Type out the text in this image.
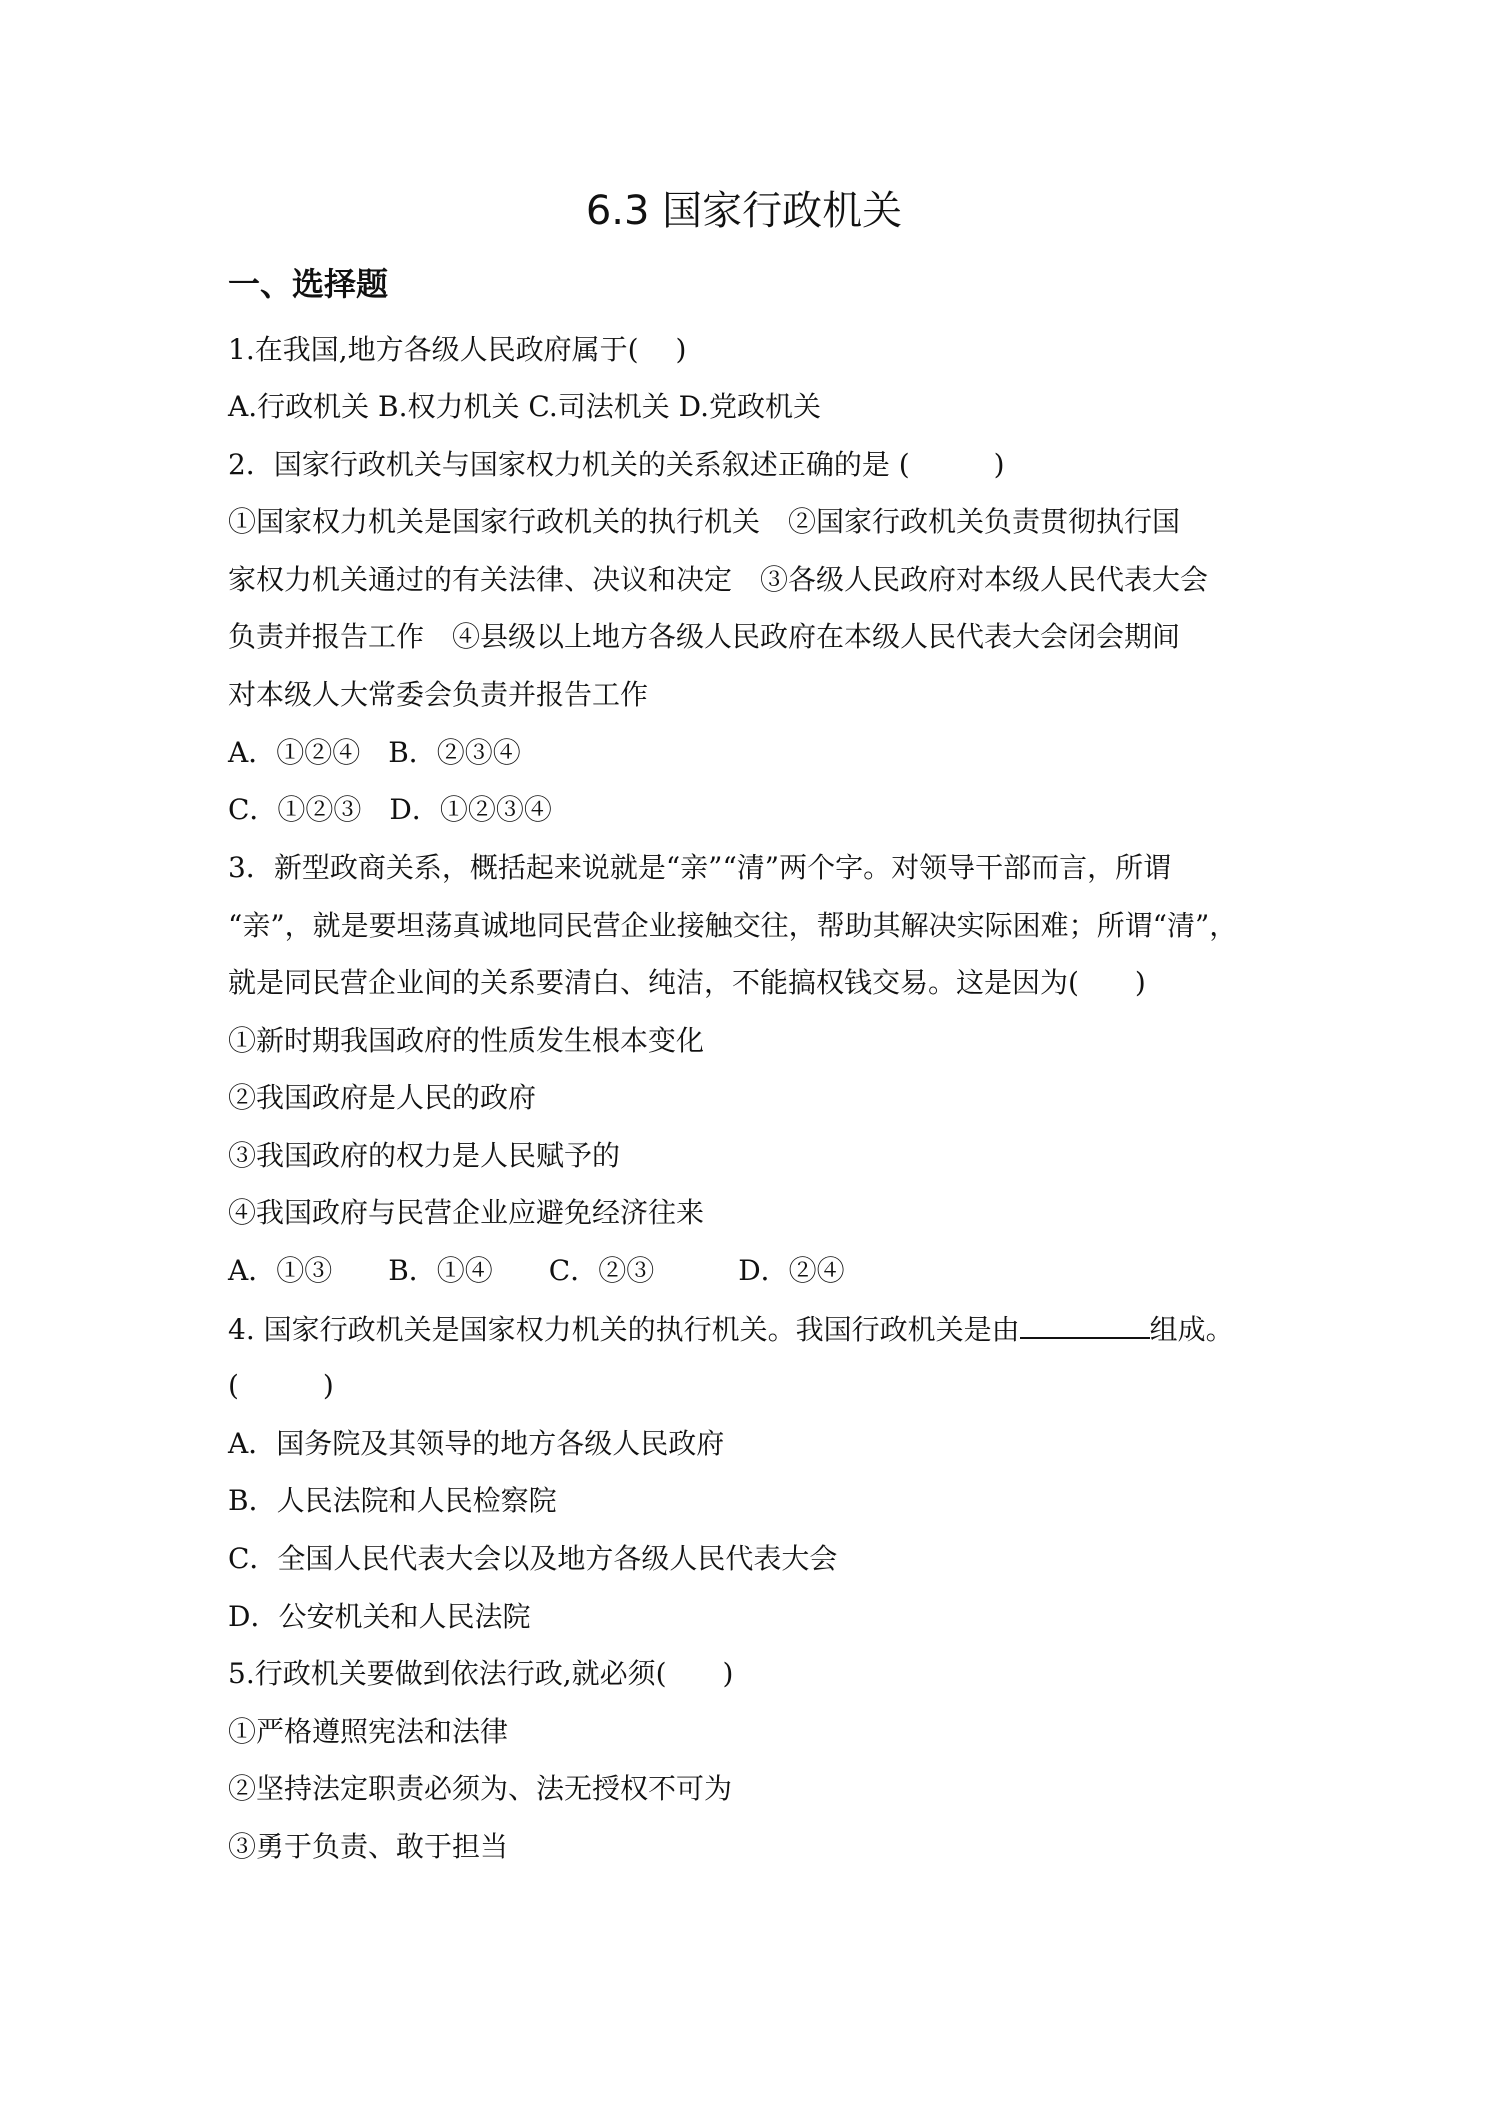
6.3 国家行政机关
一、选择题
1.在我国,地方各级人民政府属于(　 )
A.行政机关 B.权力机关 C.司法机关 D.党政机关
2．国家行政机关与国家权力机关的关系叙述正确的是 (　　　)
①国家权力机关是国家行政机关的执行机关　②国家行政机关负责贯彻执行国
家权力机关通过的有关法律、决议和决定　③各级人民政府对本级人民代表大会
负责并报告工作　④县级以上地方各级人民政府在本级人民代表大会闭会期间
对本级人大常委会负责并报告工作
A．①②④　B．②③④
C．①②③　D．①②③④
3．新型政商关系，概括起来说就是“亲”“清”两个字。对领导干部而言，所谓
“亲”，就是要坦荡真诚地同民营企业接触交往，帮助其解决实际困难；所谓“清”，
就是同民营企业间的关系要清白、纯洁，不能搞权钱交易。这是因为(　　)
①新时期我国政府的性质发生根本变化
②我国政府是人民的政府
③我国政府的权力是人民赋予的
④我国政府与民营企业应避免经济往来
A．①③　　B．①④　　C．②③　　　D．②④
4. 国家行政机关是国家权力机关的执行机关。我国行政机关是由	组成。
(　　　)
A．国务院及其领导的地方各级人民政府
B．人民法院和人民检察院
C．全国人民代表大会以及地方各级人民代表大会
D．公安机关和人民法院
5.行政机关要做到依法行政,就必须(　　)
①严格遵照宪法和法律
②坚持法定职责必须为、法无授权不可为
③勇于负责、敢于担当
